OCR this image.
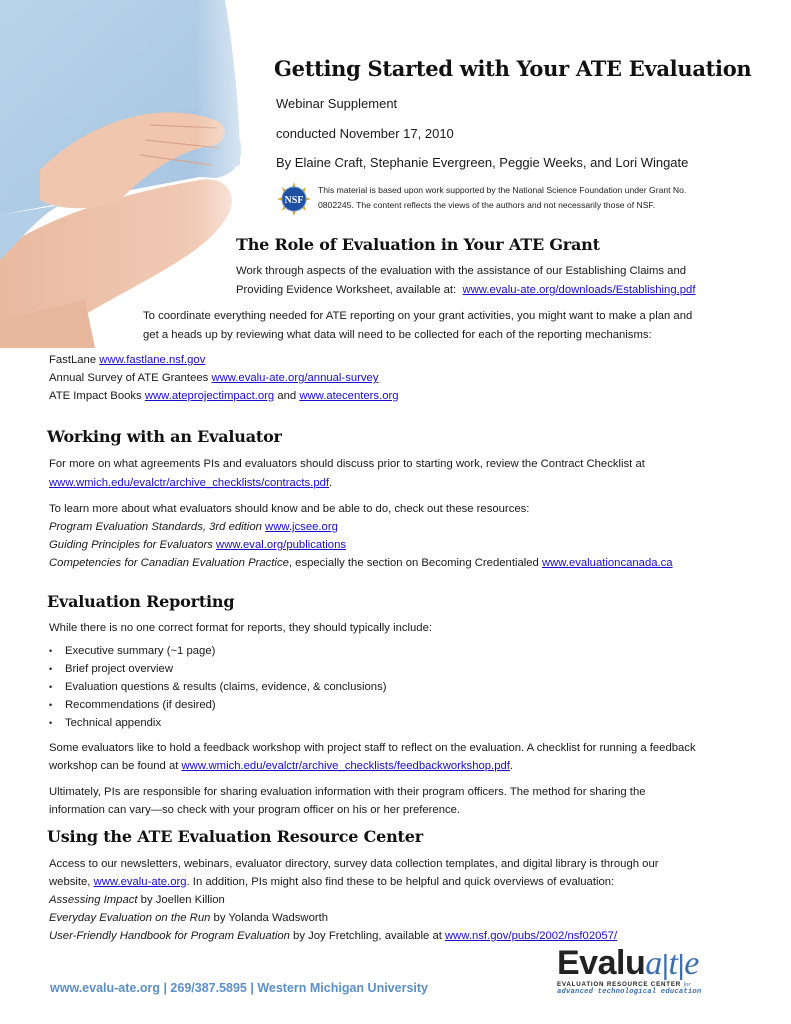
Getting Started with Your ATE Evaluation
Webinar Supplement
conducted November 17, 2010
By Elaine Craft, Stephanie Evergreen, Peggie Weeks, and Lori Wingate
NSF
This material is based upon work supported by the National Science Foundation under Grant No.
0802245. The content reflects the views of the authors and not necessarily those of NSF.
The Role of Evaluation in Your ATE Grant
Work through aspects of the evaluation with the assistance of our Establishing Claims and
Providing Evidence Worksheet, available at:  www.evalu-ate.org/downloads/Establishing.pdf
To coordinate everything needed for ATE reporting on your grant activities, you might want to make a plan and
get a heads up by reviewing what data will need to be collected for each of the reporting mechanisms:
FastLane www.fastlane.nsf.gov
Annual Survey of ATE Grantees www.evalu-ate.org/annual-survey
ATE Impact Books www.ateprojectimpact.org and www.atecenters.org
Working with an Evaluator
For more on what agreements PIs and evaluators should discuss prior to starting work, review the Contract Checklist at
www.wmich.edu/evalctr/archive_checklists/contracts.pdf.
To learn more about what evaluators should know and be able to do, check out these resources:
Program Evaluation Standards, 3rd edition www.jcsee.org
Guiding Principles for Evaluators www.eval.org/publications
Competencies for Canadian Evaluation Practice, especially the section on Becoming Credentialed www.evaluationcanada.ca
Evaluation Reporting
While there is no one correct format for reports, they should typically include:
• Executive summary (~1 page)
• Brief project overview
• Evaluation questions & results (claims, evidence, & conclusions)
• Recommendations (if desired)
• Technical appendix
Some evaluators like to hold a feedback workshop with project staff to reflect on the evaluation. A checklist for running a feedback
workshop can be found at www.wmich.edu/evalctr/archive_checklists/feedbackworkshop.pdf.
Ultimately, PIs are responsible for sharing evaluation information with their program officers. The method for sharing the
information can vary—so check with your program officer on his or her preference.
Using the ATE Evaluation Resource Center
Access to our newsletters, webinars, evaluator directory, survey data collection templates, and digital library is through our
website, www.evalu-ate.org. In addition, PIs might also find these to be helpful and quick overviews of evaluation:
Assessing Impact by Joellen Killion
Everyday Evaluation on the Run by Yolanda Wadsworth
User-Friendly Handbook for Program Evaluation by Joy Fretchling, available at www.nsf.gov/pubs/2002/nsf02057/
www.evalu-ate.org | 269/387.5895 | Western Michigan University
Evalua|t|e
EVALUATION RESOURCE CENTER for
advanced technological education
